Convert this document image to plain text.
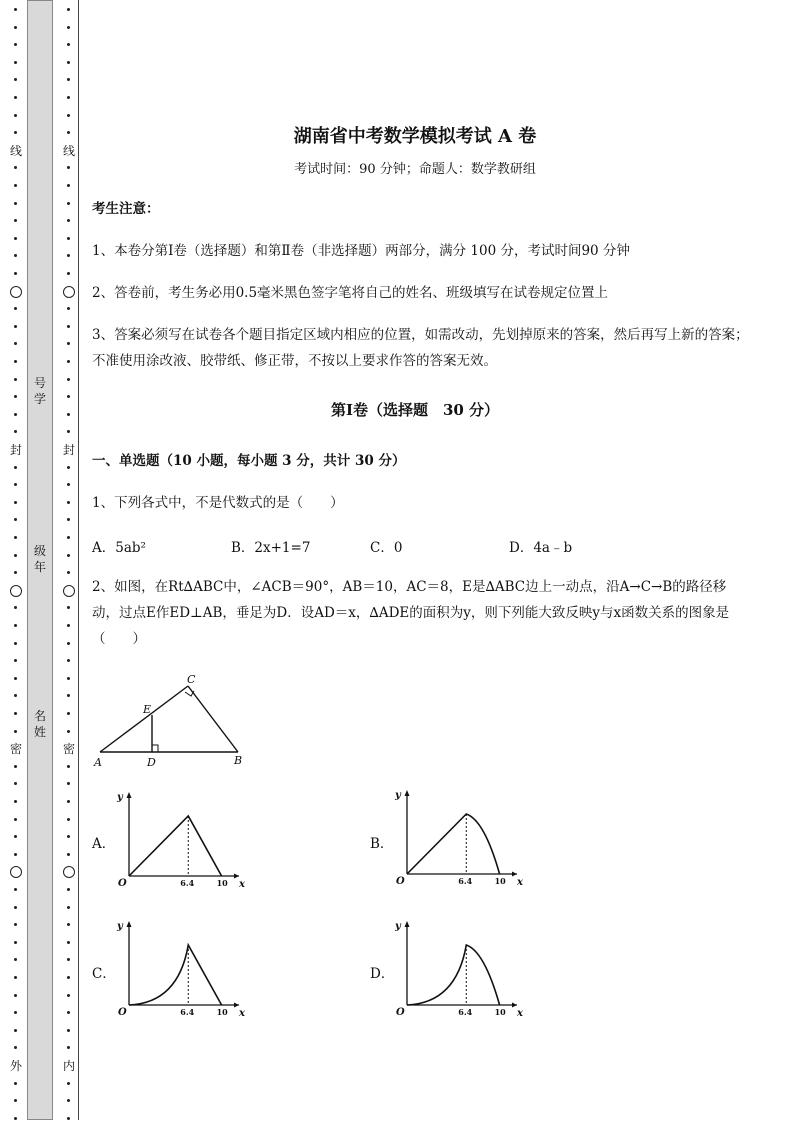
线
封
密
外
线
封
密
内
号
学
级
年
名
姓
湖南省中考数学模拟考试 A 卷
考试时间：90 分钟；命题人：数学教研组
考生注意：
1、本卷分第Ⅰ卷（选择题）和第Ⅱ卷（非选择题）两部分，满分 100 分，考试时间90 分钟
2、答卷前，考生务必用0.5毫米黑色签字笔将自己的姓名、班级填写在试卷规定位置上
3、答案必须写在试卷各个题目指定区域内相应的位置，如需改动，先划掉原来的答案，然后再写上新的答案；不准使用涂改液、胶带纸、修正带，不按以上要求作答的答案无效。
第Ⅰ卷（选择题　30 分）
一、单选题（10 小题，每小题 3 分，共计 30 分）
1、下列各式中，不是代数式的是（　　）
A．5ab²	B．2x+1=7	C．0	D．4a﹣b
2、如图，在Rt∆ABC中，∠ACB＝90°，AB＝10，AC＝8，E是∆ABC边上一动点，沿A→C→B的路径移动，过点E作ED⊥AB，垂足为D．设AD＝x，∆ADE的面积为y，则下列能大致反映y与x函数关系的图象是（　　）
A	B
C
D
E
A．	B．
C．	D．
y
x
O	6.4	10
y
x
O	6.4	10
y
x
O	6.4	10
y
x
O	6.4	10
